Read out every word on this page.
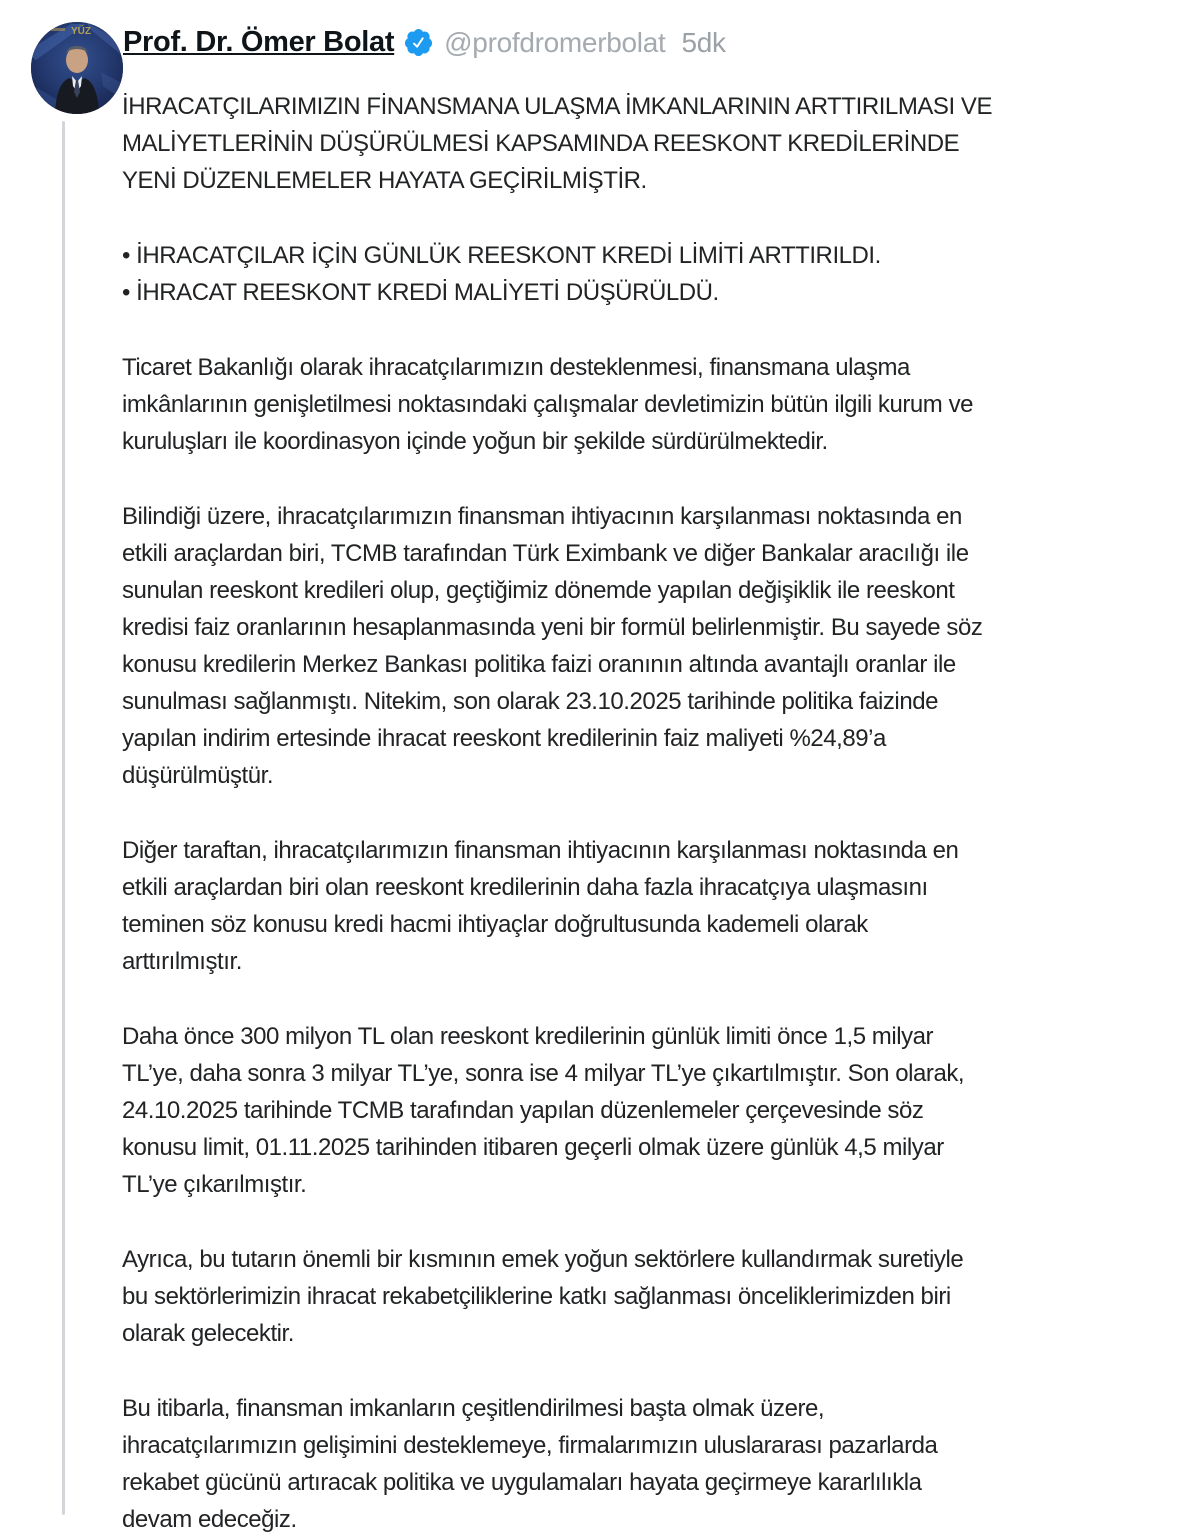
YÜZ Prof. Dr. Ömer Bolat @profdromerbolat 5dk
İHRACATÇILARIMIZIN FİNANSMANA ULAŞMA İMKANLARININ ARTTIRILMASI VE
MALİYETLERİNİN DÜŞÜRÜLMESİ KAPSAMINDA REESKONT KREDİLERİNDE
YENİ DÜZENLEMELER HAYATA GEÇİRİLMİŞTİR.
• İHRACATÇILAR İÇİN GÜNLÜK REESKONT KREDİ LİMİTİ ARTTIRILDI.
• İHRACAT REESKONT KREDİ MALİYETİ DÜŞÜRÜLDÜ.
Ticaret Bakanlığı olarak ihracatçılarımızın desteklenmesi, finansmana ulaşma
imkânlarının genişletilmesi noktasındaki çalışmalar devletimizin bütün ilgili kurum ve
kuruluşları ile koordinasyon içinde yoğun bir şekilde sürdürülmektedir.
Bilindiği üzere, ihracatçılarımızın finansman ihtiyacının karşılanması noktasında en
etkili araçlardan biri, TCMB tarafından Türk Eximbank ve diğer Bankalar aracılığı ile
sunulan reeskont kredileri olup, geçtiğimiz dönemde yapılan değişiklik ile reeskont
kredisi faiz oranlarının hesaplanmasında yeni bir formül belirlenmiştir. Bu sayede söz
konusu kredilerin Merkez Bankası politika faizi oranının altında avantajlı oranlar ile
sunulması sağlanmıştı. Nitekim, son olarak 23.10.2025 tarihinde politika faizinde
yapılan indirim ertesinde ihracat reeskont kredilerinin faiz maliyeti %24,89’a
düşürülmüştür.
Diğer taraftan, ihracatçılarımızın finansman ihtiyacının karşılanması noktasında en
etkili araçlardan biri olan reeskont kredilerinin daha fazla ihracatçıya ulaşmasını
teminen söz konusu kredi hacmi ihtiyaçlar doğrultusunda kademeli olarak
arttırılmıştır.
Daha önce 300 milyon TL olan reeskont kredilerinin günlük limiti önce 1,5 milyar
TL’ye, daha sonra 3 milyar TL’ye, sonra ise 4 milyar TL’ye çıkartılmıştır. Son olarak,
24.10.2025 tarihinde TCMB tarafından yapılan düzenlemeler çerçevesinde söz
konusu limit, 01.11.2025 tarihinden itibaren geçerli olmak üzere günlük 4,5 milyar
TL’ye çıkarılmıştır.
Ayrıca, bu tutarın önemli bir kısmının emek yoğun sektörlere kullandırmak suretiyle
bu sektörlerimizin ihracat rekabetçiliklerine katkı sağlanması önceliklerimizden biri
olarak gelecektir.
Bu itibarla, finansman imkanların çeşitlendirilmesi başta olmak üzere,
ihracatçılarımızın gelişimini desteklemeye, firmalarımızın uluslararası pazarlarda
rekabet gücünü artıracak politika ve uygulamaları hayata geçirmeye kararlılıkla
devam edeceğiz.
